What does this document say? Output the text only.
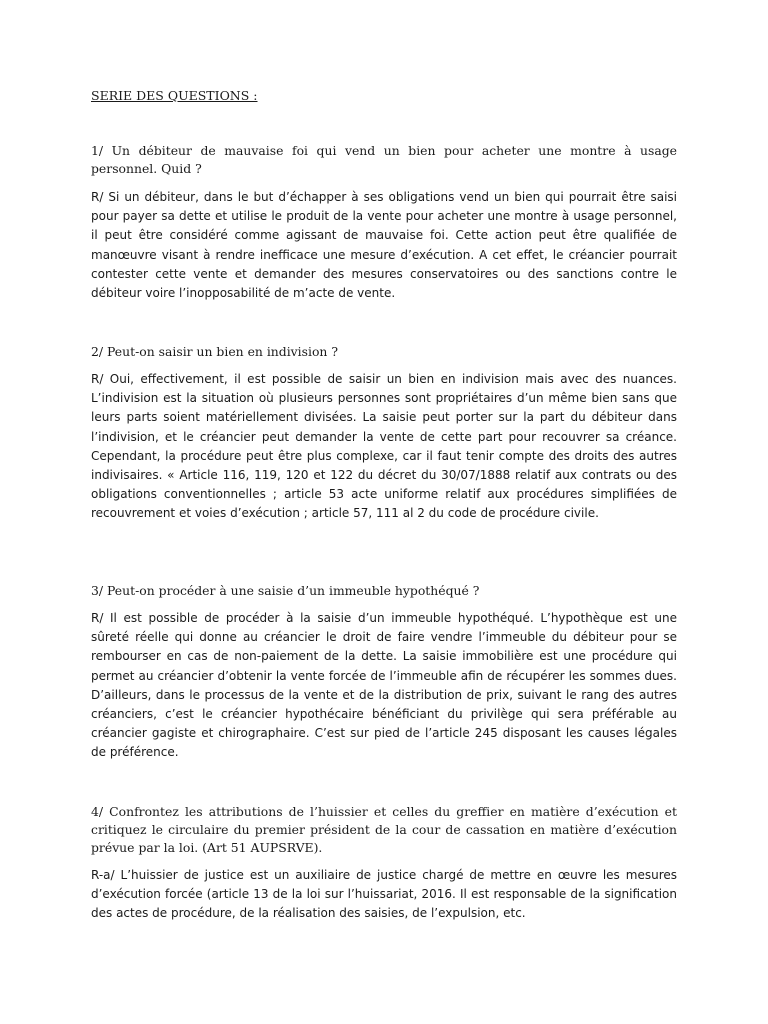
SERIE DES QUESTIONS :
1/ Un débiteur de mauvaise foi qui vend un bien pour acheter une montre à usage personnel. Quid ?
R/ Si un débiteur, dans le but d’échapper à ses obligations vend un bien qui pourrait être saisi pour payer sa dette et utilise le produit de la vente pour acheter une montre à usage personnel, il peut être considéré comme agissant de mauvaise foi. Cette action peut être qualifiée de manœuvre visant à rendre inefficace une mesure d’exécution. A cet effet, le créancier pourrait contester cette vente et demander des mesures conservatoires ou des sanctions contre le débiteur voire l’inopposabilité de m’acte de vente.
2/ Peut-on saisir un bien en indivision ?
R/ Oui, effectivement, il est possible de saisir un bien en indivision mais avec des nuances. L’indivision est la situation où plusieurs personnes sont propriétaires d’un même bien sans que leurs parts soient matériellement divisées. La saisie peut porter sur la part du débiteur dans l’indivision, et le créancier peut demander la vente de cette part pour recouvrer sa créance. Cependant, la procédure peut être plus complexe, car il faut tenir compte des droits des autres indivisaires. « Article 116, 119, 120 et 122 du décret du 30/07/1888 relatif aux contrats ou des obligations conventionnelles ; article 53 acte uniforme relatif aux procédures simplifiées de recouvrement et voies d’exécution ; article 57, 111 al 2 du code de procédure civile.
3/ Peut-on procéder à une saisie d’un immeuble hypothéqué ?
R/ Il est possible de procéder à la saisie d’un immeuble hypothéqué. L’hypothèque est une sûreté réelle qui donne au créancier le droit de faire vendre l’immeuble du débiteur pour se rembourser en cas de non-paiement de la dette. La saisie immobilière est une procédure qui permet au créancier d’obtenir la vente forcée de l’immeuble afin de récupérer les sommes dues. D’ailleurs, dans le processus de la vente et de la distribution de prix, suivant le rang des autres créanciers, c’est le créancier hypothécaire bénéficiant du privilège qui sera préférable au créancier gagiste et chirographaire. C’est sur pied de l’article 245 disposant les causes légales de préférence.
4/ Confrontez les attributions de l’huissier et celles du greffier en matière d’exécution et critiquez le circulaire du premier président de la cour de cassation en matière d’exécution prévue par la loi. (Art 51 AUPSRVE).
R-a/ L’huissier de justice est un auxiliaire de justice chargé de mettre en œuvre les mesures d’exécution forcée (article 13 de la loi sur l’huissariat, 2016. Il est responsable de la signification des actes de procédure, de la réalisation des saisies, de l’expulsion, etc.
